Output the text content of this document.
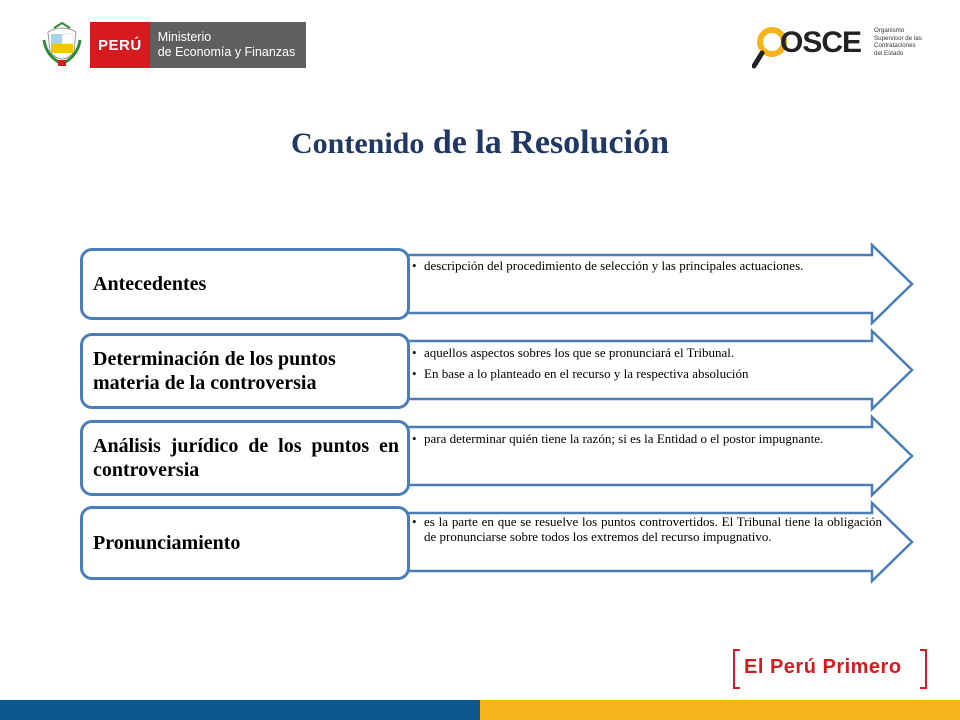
PERÚ	Ministerio
de Economía y Finanzas	OSCE Organismo
Supervisor de las
Contrataciones
del Estado
Contenido de la Resolución
Antecedentes
Determinación de los puntos materia de la controversia
Análisis jurídico de los puntos en controversia
Pronunciamiento
• descripción del procedimiento de selección y las principales actuaciones.
• aquellos aspectos sobres los que se pronunciará el Tribunal.
• En base a lo planteado en el recurso y la respectiva absolución
• para determinar quién tiene la razón; si es la Entidad o el postor impugnante.
• es la parte en que se resuelve los puntos controvertidos. El Tribunal tiene la obligación de pronunciarse sobre todos los extremos del recurso impugnativo.
El Perú Primero
